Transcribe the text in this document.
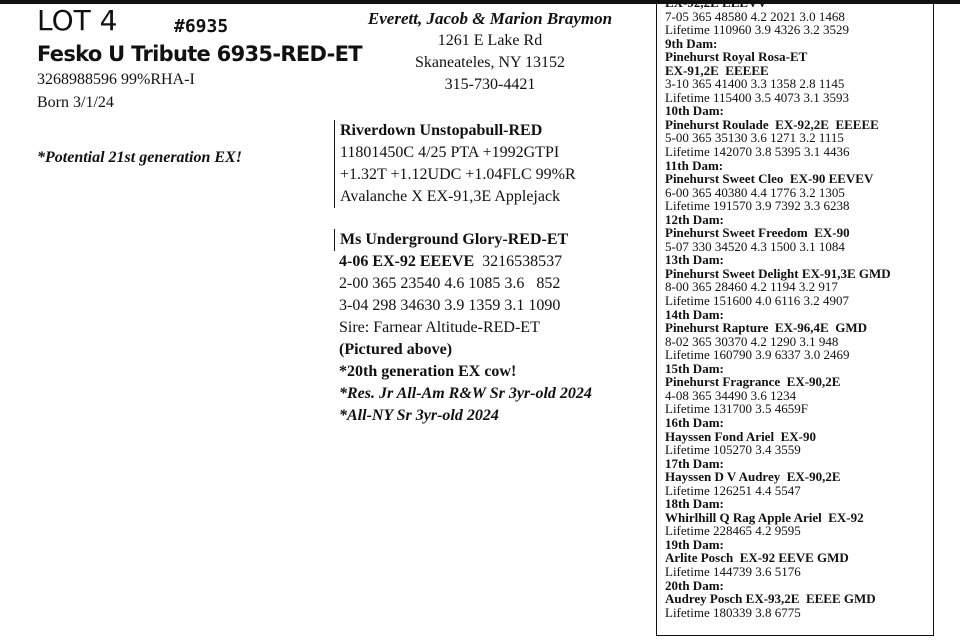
LOT 4	#6935
Fesko U Tribute 6935-RED-ET
3268988596 99%RHA-I
Born 3/1/24
*Potential 21st generation EX!
Everett, Jacob & Marion Braymon
1261 E Lake Rd
Skaneateles, NY 13152
315-730-4421
Riverdown Unstopabull-RED
11801450C 4/25 PTA +1992GTPI
+1.32T +1.12UDC +1.04FLC 99%R
Avalanche X EX-91,3E Applejack
Ms Underground Glory-RED-ET
4-06 EX-92 EEEVE 3216538537
2-00 365 23540 4.6 1085 3.6   852
3-04 298 34630 3.9 1359 3.1 1090
Sire: Farnear Altitude-RED-ET
(Pictured above)
*20th generation EX cow!
*Res. Jr All-Am R&W Sr 3yr-old 2024
*All-NY Sr 3yr-old 2024
EX-92,2E EEEVV
7-05 365 48580 4.2 2021 3.0 1468
Lifetime 110960 3.9 4326 3.2 3529
9th Dam:
Pinehurst Royal Rosa-ET
EX-91,2E  EEEEE
3-10 365 41400 3.3 1358 2.8 1145
Lifetime 115400 3.5 4073 3.1 3593
10th Dam:
Pinehurst Roulade  EX-92,2E  EEEEE
5-00 365 35130 3.6 1271 3.2 1115
Lifetime 142070 3.8 5395 3.1 4436
11th Dam:
Pinehurst Sweet Cleo  EX-90 EEVEV
6-00 365 40380 4.4 1776 3.2 1305
Lifetime 191570 3.9 7392 3.3 6238
12th Dam:
Pinehurst Sweet Freedom  EX-90
5-07 330 34520 4.3 1500 3.1 1084
13th Dam:
Pinehurst Sweet Delight EX-91,3E GMD
8-00 365 28460 4.2 1194 3.2 917
Lifetime 151600 4.0 6116 3.2 4907
14th Dam:
Pinehurst Rapture  EX-96,4E  GMD
8-02 365 30370 4.2 1290 3.1 948
Lifetime 160790 3.9 6337 3.0 2469
15th Dam:
Pinehurst Fragrance  EX-90,2E
4-08 365 34490 3.6 1234
Lifetime 131700 3.5 4659F
16th Dam:
Hayssen Fond Ariel  EX-90
Lifetime 105270 3.4 3559
17th Dam:
Hayssen D V Audrey  EX-90,2E
Lifetime 126251 4.4 5547
18th Dam:
Whirlhill Q Rag Apple Ariel  EX-92
Lifetime 228465 4.2 9595
19th Dam:
Arlite Posch  EX-92 EEVE GMD
Lifetime 144739 3.6 5176
20th Dam:
Audrey Posch EX-93,2E  EEEE GMD
Lifetime 180339 3.8 6775
